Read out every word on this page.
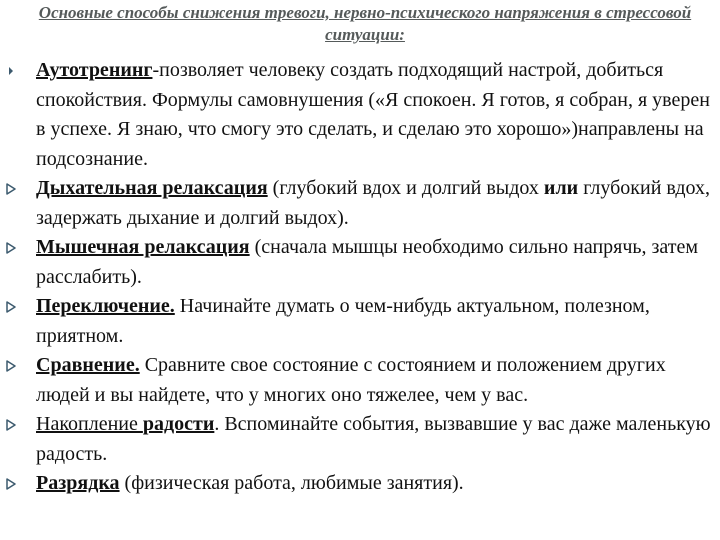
Основные способы снижения тревоги, нервно-психического напряжения в стрессовой ситуации:
Аутотренинг-позволяет человеку создать подходящий настрой, добиться спокойствия. Формулы самовнушения («Я спокоен. Я готов, я собран, я уверен в успехе. Я знаю, что смогу это сделать, и сделаю это хорошо»)направлены на подсознание.
Дыхательная релаксация (глубокий вдох и долгий выдох или глубокий вдох, задержать дыхание и долгий выдох).
Мышечная релаксация (сначала мышцы необходимо сильно напрячь, затем расслабить).
Переключение. Начинайте думать о чем-нибудь актуальном, полезном, приятном.
Сравнение. Сравните свое состояние с состоянием и положением других людей и вы найдете, что у многих оно тяжелее, чем у вас.
Накопление радости. Вспоминайте события, вызвавшие у вас даже маленькую радость.
Разрядка (физическая работа, любимые занятия).
